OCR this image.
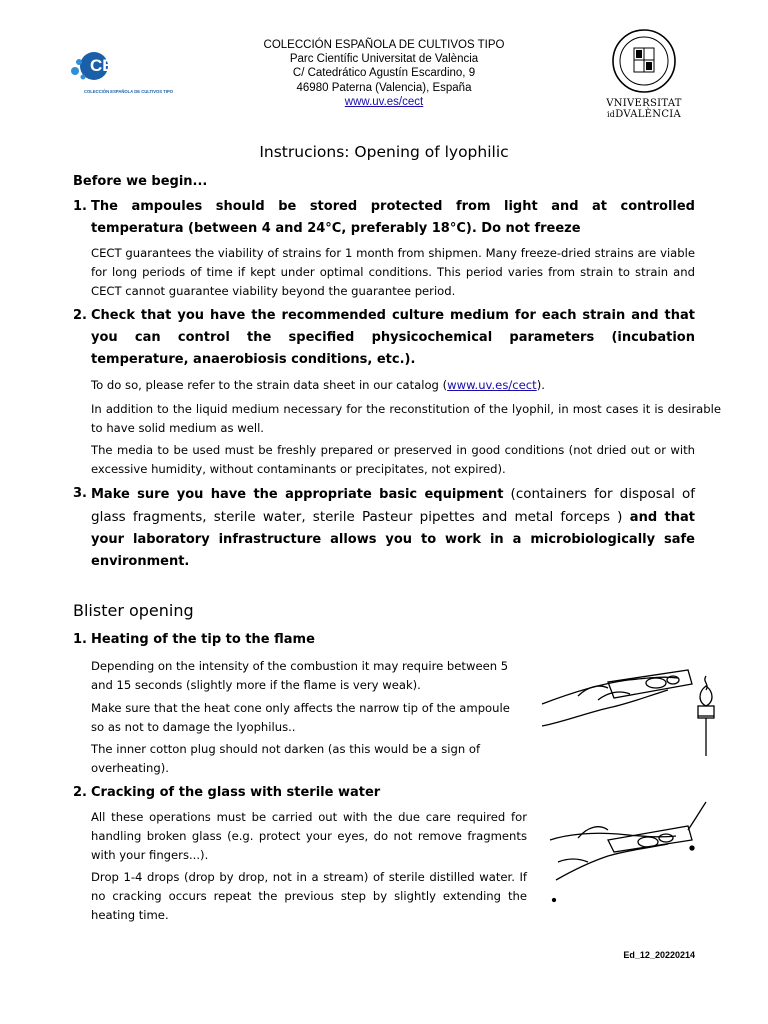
CECT
COLECCIÓN ESPAÑOLA DE CULTIVOS TIPO
COLECCIÓN ESPAÑOLA DE CULTIVOS TIPO
Parc Científic Universitat de València
C/ Catedrático Agustín Escardino, 9
46980 Paterna (Valencia), España
www.uv.es/cect	VNIVERSITAT
idDVALÈNCIA
Instrucions: Opening of lyophilic
Before we begin...
1. The ampoules should be stored protected from light and at controlled temperatura (between 4 and 24°C, preferably 18°C). Do not freeze
CECT guarantees the viability of strains for 1 month from shipmen. Many freeze-dried strains are viable for long periods of time if kept under optimal conditions. This period varies from strain to strain and CECT cannot guarantee viability beyond the guarantee period.
2. Check that you have the recommended culture medium for each strain and that you can control the specified physicochemical parameters (incubation temperature, anaerobiosis conditions, etc.).
To do so, please refer to the strain data sheet in our catalog (www.uv.es/cect).
In addition to the liquid medium necessary for the reconstitution of the lyophil, in most cases it is desirable to have solid medium as well.
The media to be used must be freshly prepared or preserved in good conditions (not dried out or with excessive humidity, without contaminants or precipitates, not expired).
3. Make sure you have the appropriate basic equipment (containers for disposal of glass fragments, sterile water, sterile Pasteur pipettes and metal forceps ) and that your laboratory infrastructure allows you to work in a microbiologically safe environment.
Blister opening
1. Heating of the tip to the flame
Depending on the intensity of the combustion it may require between 5 and 15 seconds (slightly more if the flame is very weak).
Make sure that the heat cone only affects the narrow tip of the ampoule so as not to damage the lyophilus..
The inner cotton plug should not darken (as this would be a sign of overheating).
2. Cracking of the glass with sterile water
All these operations must be carried out with the due care required for handling broken glass (e.g. protect your eyes, do not remove fragments with your fingers...).
Drop 1-4 drops (drop by drop, not in a stream) of sterile distilled water. If no cracking occurs repeat the previous step by slightly extending the heating time.
Ed_12_20220214
